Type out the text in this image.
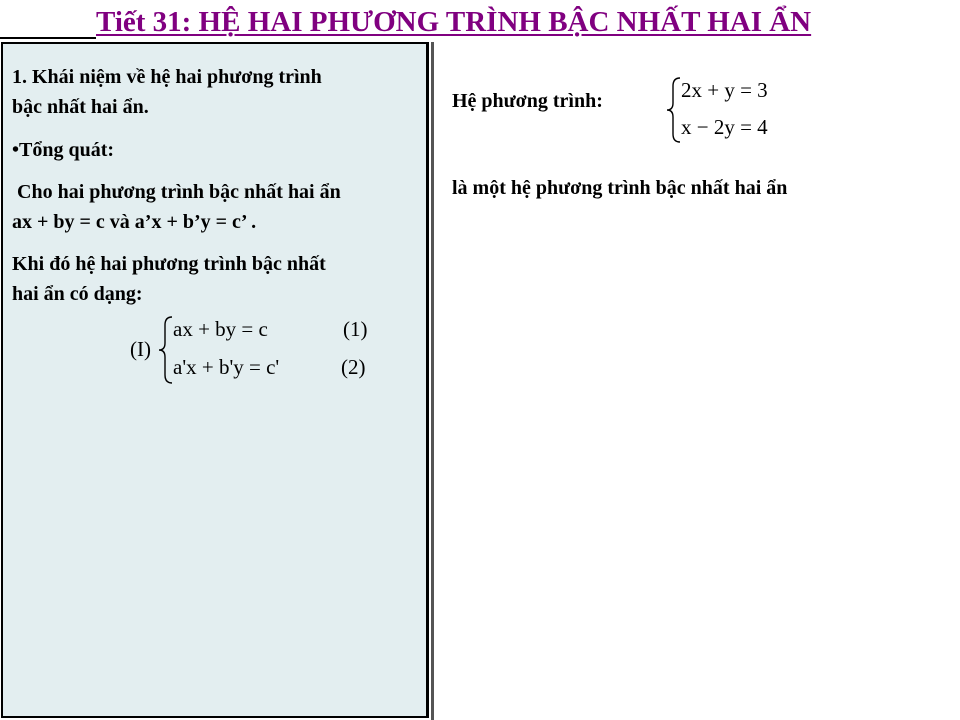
Tiết 31: HỆ HAI PHƯƠNG TRÌNH BẬC NHẤT HAI ẨN
1. Khái niệm về hệ hai phương trình
bậc nhất hai ẩn.
•Tổng quát:
Cho hai phương trình bậc nhất hai ẩn
ax + by = c và a’x + b’y = c’ .
Khi đó hệ hai phương trình bậc nhất
hai ẩn có dạng:
(I)
ax + by = c	(1)
a'x + b'y = c'	(2)
Hệ phương trình:	2x + y = 3
x − 2y = 4
là một hệ phương trình bậc nhất hai ẩn
